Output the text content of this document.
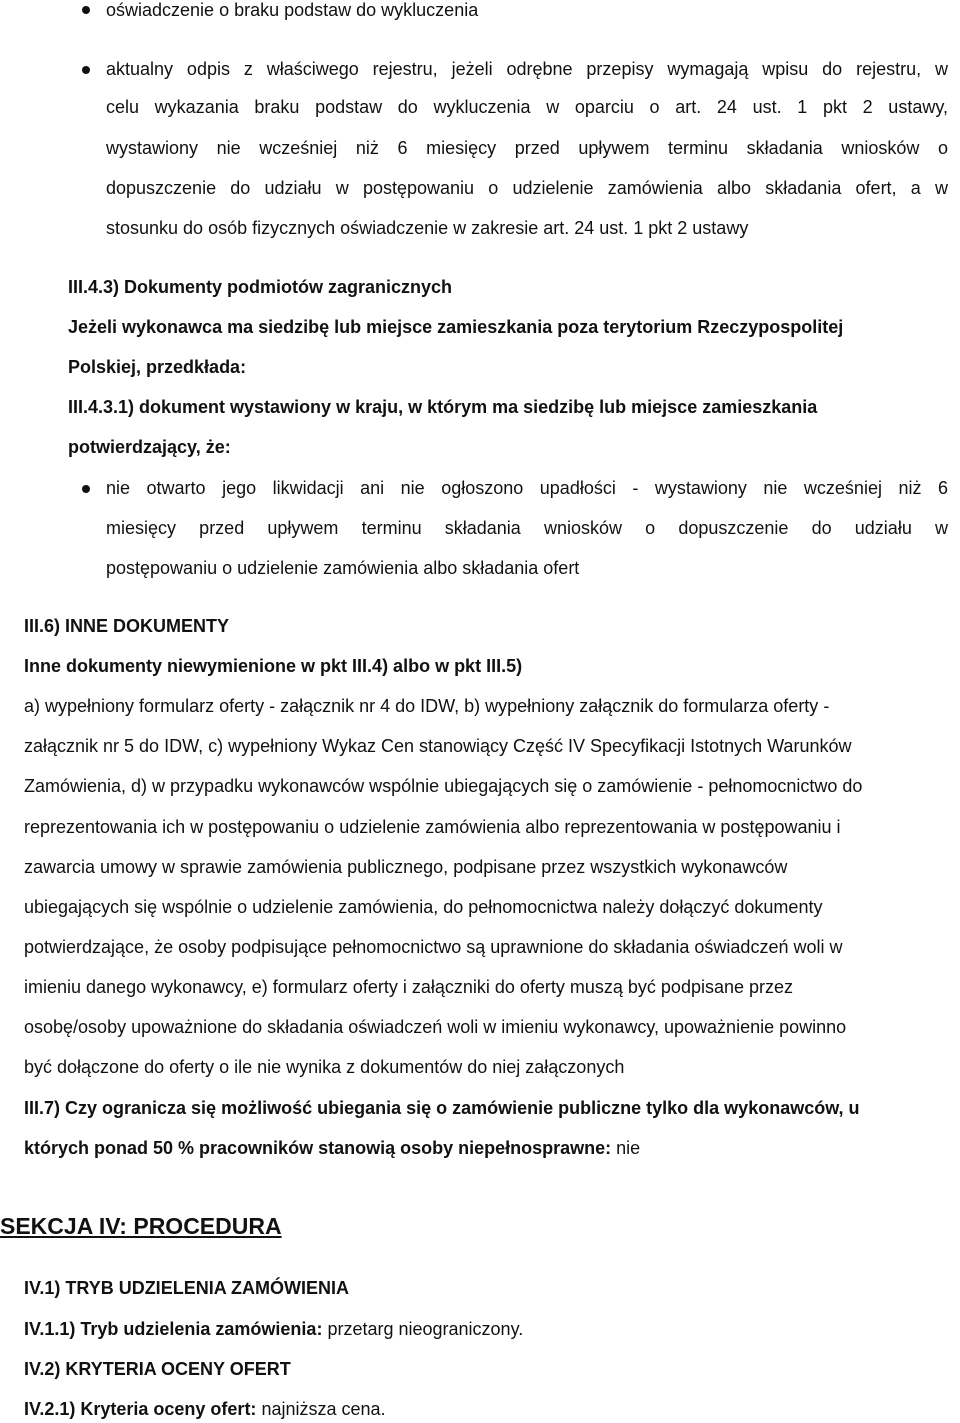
oświadczenie o braku podstaw do wykluczenia
aktualny odpis z właściwego rejestru, jeżeli odrębne przepisy wymagają wpisu do rejestru, w
celu wykazania braku podstaw do wykluczenia w oparciu o art. 24 ust. 1 pkt 2 ustawy,
wystawiony nie wcześniej niż 6 miesięcy przed upływem terminu składania wniosków o
dopuszczenie do udziału w postępowaniu o udzielenie zamówienia albo składania ofert, a w
stosunku do osób fizycznych oświadczenie w zakresie art. 24 ust. 1 pkt 2 ustawy
III.4.3) Dokumenty podmiotów zagranicznych
Jeżeli wykonawca ma siedzibę lub miejsce zamieszkania poza terytorium Rzeczypospolitej
Polskiej, przedkłada:
III.4.3.1) dokument wystawiony w kraju, w którym ma siedzibę lub miejsce zamieszkania
potwierdzający, że:
nie otwarto jego likwidacji ani nie ogłoszono upadłości - wystawiony nie wcześniej niż 6
miesięcy przed upływem terminu składania wniosków o dopuszczenie do udziału w
postępowaniu o udzielenie zamówienia albo składania ofert
III.6) INNE DOKUMENTY
Inne dokumenty niewymienione w pkt III.4) albo w pkt III.5)
a) wypełniony formularz oferty - załącznik nr 4 do IDW, b) wypełniony załącznik do formularza oferty -
załącznik nr 5 do IDW, c) wypełniony Wykaz Cen stanowiący Część IV Specyfikacji Istotnych Warunków
Zamówienia, d) w przypadku wykonawców wspólnie ubiegających się o zamówienie - pełnomocnictwo do
reprezentowania ich w postępowaniu o udzielenie zamówienia albo reprezentowania w postępowaniu i
zawarcia umowy w sprawie zamówienia publicznego, podpisane przez wszystkich wykonawców
ubiegających się wspólnie o udzielenie zamówienia, do pełnomocnictwa należy dołączyć dokumenty
potwierdzające, że osoby podpisujące pełnomocnictwo są uprawnione do składania oświadczeń woli w
imieniu danego wykonawcy, e) formularz oferty i załączniki do oferty muszą być podpisane przez
osobę/osoby upoważnione do składania oświadczeń woli w imieniu wykonawcy, upoważnienie powinno
być dołączone do oferty o ile nie wynika z dokumentów do niej załączonych
III.7) Czy ogranicza się możliwość ubiegania się o zamówienie publiczne tylko dla wykonawców, u
których ponad 50 % pracowników stanowią osoby niepełnosprawne: nie
SEKCJA IV: PROCEDURA
IV.1) TRYB UDZIELENIA ZAMÓWIENIA
IV.1.1) Tryb udzielenia zamówienia: przetarg nieograniczony.
IV.2) KRYTERIA OCENY OFERT
IV.2.1) Kryteria oceny ofert: najniższa cena.
